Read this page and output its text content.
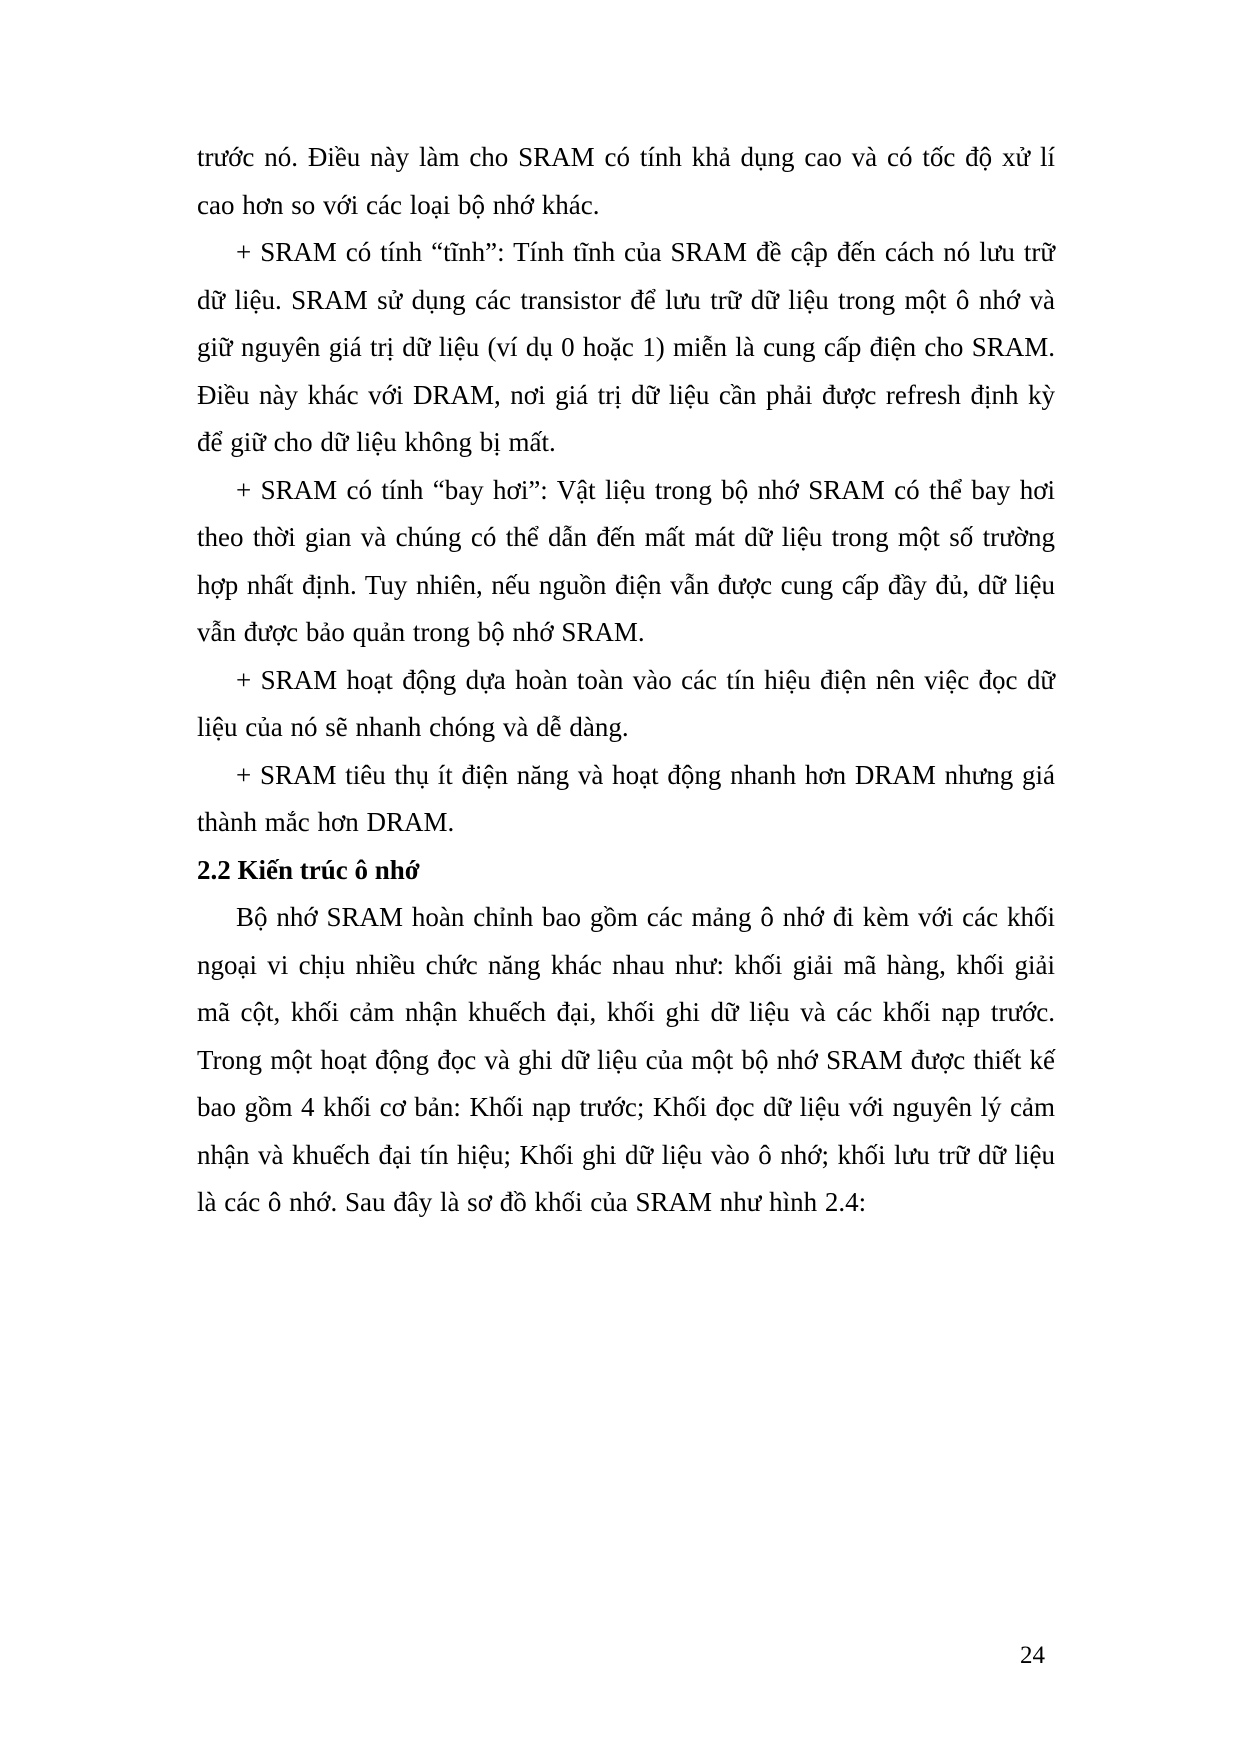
trước nó. Điều này làm cho SRAM có tính khả dụng cao và có tốc độ xử lí cao hơn so với các loại bộ nhớ khác.

+ SRAM có tính “tĩnh”: Tính tĩnh của SRAM đề cập đến cách nó lưu trữ dữ liệu. SRAM sử dụng các transistor để lưu trữ dữ liệu trong một ô nhớ và giữ nguyên giá trị dữ liệu (ví dụ 0 hoặc 1) miễn là cung cấp điện cho SRAM. Điều này khác với DRAM, nơi giá trị dữ liệu cần phải được refresh định kỳ để giữ cho dữ liệu không bị mất.

+ SRAM có tính “bay hơi”: Vật liệu trong bộ nhớ SRAM có thể bay hơi theo thời gian và chúng có thể dẫn đến mất mát dữ liệu trong một số trường hợp nhất định. Tuy nhiên, nếu nguồn điện vẫn được cung cấp đầy đủ, dữ liệu vẫn được bảo quản trong bộ nhớ SRAM.

+ SRAM hoạt động dựa hoàn toàn vào các tín hiệu điện nên việc đọc dữ liệu của nó sẽ nhanh chóng và dễ dàng.

+ SRAM tiêu thụ ít điện năng và hoạt động nhanh hơn DRAM nhưng giá thành mắc hơn DRAM.

2.2 Kiến trúc ô nhớ

Bộ nhớ SRAM hoàn chỉnh bao gồm các mảng ô nhớ đi kèm với các khối ngoại vi chịu nhiều chức năng khác nhau như: khối giải mã hàng, khối giải mã cột, khối cảm nhận khuếch đại, khối ghi dữ liệu và các khối nạp trước. Trong một hoạt động đọc và ghi dữ liệu của một bộ nhớ SRAM được thiết kế bao gồm 4 khối cơ bản: Khối nạp trước; Khối đọc dữ liệu với nguyên lý cảm nhận và khuếch đại tín hiệu; Khối ghi dữ liệu vào ô nhớ; khối lưu trữ dữ liệu là các ô nhớ. Sau đây là sơ đồ khối của SRAM như hình 2.4:

24
